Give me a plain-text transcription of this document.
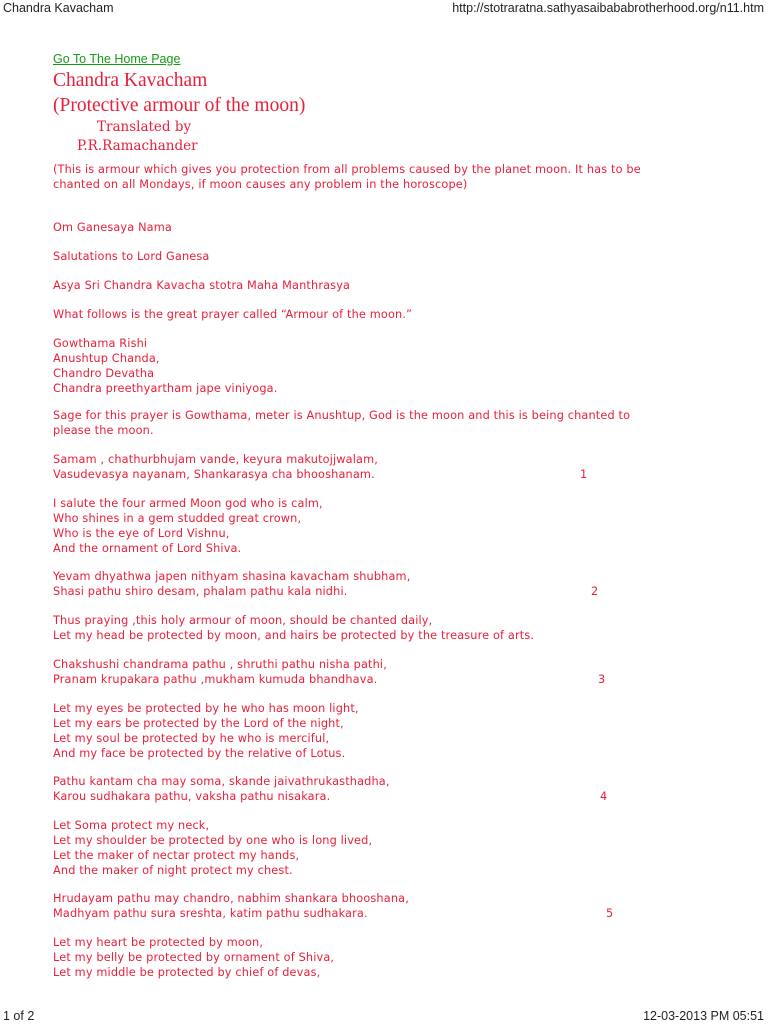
Chandra Kavacham	http://stotraratna.sathyasaibababrotherhood.org/n11.htm
Go To The Home Page
Chandra Kavacham
(Protective armour of the moon)

Translated by

P.R.Ramachander

(This is armour which gives you protection from all problems caused by the planet moon. It has to be
chanted on all Mondays, if moon causes any problem in the horoscope)

Om Ganesaya Nama

Salutations to Lord Ganesa

Asya Sri Chandra Kavacha stotra Maha Manthrasya

What follows is the great prayer called “Armour of the moon.”

Gowthama Rishi
Anushtup Chanda,
Chandro Devatha
Chandra preethyartham jape viniyoga.

Sage for this prayer is Gowthama, meter is Anushtup, God is the moon and this is being chanted to
please the moon.

Samam , chathurbhujam vande, keyura makutojjwalam,
Vasudevasya nayanam, Shankarasya cha bhooshanam.	1

I salute the four armed Moon god who is calm,
Who shines in a gem studded great crown,
Who is the eye of Lord Vishnu,
And the ornament of Lord Shiva.

Yevam dhyathwa japen nithyam shasina kavacham shubham,
Shasi pathu shiro desam, phalam pathu kala nidhi.	2

Thus praying ,this holy armour of moon, should be chanted daily,
Let my head be protected by moon, and hairs be protected by the treasure of arts.

Chakshushi chandrama pathu , shruthi pathu nisha pathi,
Pranam krupakara pathu ,mukham kumuda bhandhava.	3

Let my eyes be protected by he who has moon light,
Let my ears be protected by the Lord of the night,
Let my soul be protected by he who is merciful,
And my face be protected by the relative of Lotus.

Pathu kantam cha may soma, skande jaivathrukasthadha,
Karou sudhakara pathu, vaksha pathu nisakara.	4

Let Soma protect my neck,
Let my shoulder be protected by one who is long lived,
Let the maker of nectar protect my hands,
And the maker of night protect my chest.

Hrudayam pathu may chandro, nabhim shankara bhooshana,
Madhyam pathu sura sreshta, katim pathu sudhakara.	5

Let my heart be protected by moon,
Let my belly be protected by ornament of Shiva,
Let my middle be protected by chief of devas,

1 of 2	12-03-2013 PM 05:51
